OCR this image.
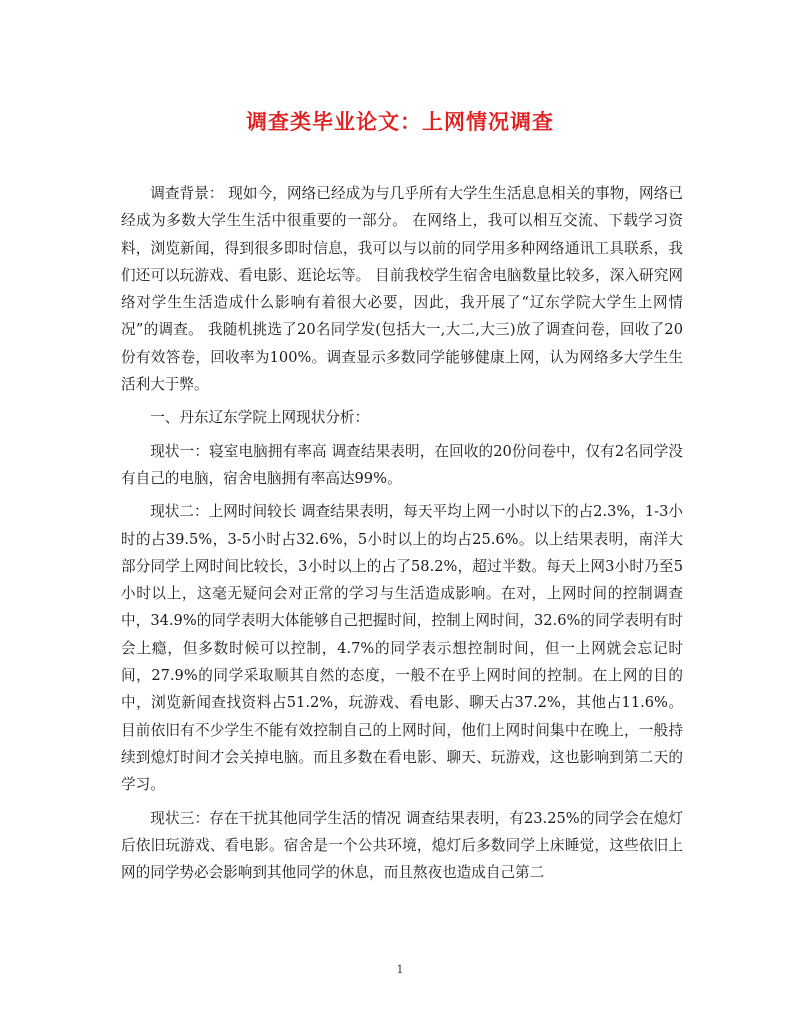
调查类毕业论文：上网情况调查

调查背景： 现如今，网络已经成为与几乎所有大学生生活息息相关的事物，网络已经成为多数大学生生活中很重要的一部分。 在网络上，我可以相互交流、下载学习资料，浏览新闻，得到很多即时信息，我可以与以前的同学用多种网络通讯工具联系，我们还可以玩游戏、看电影、逛论坛等。 目前我校学生宿舍电脑数量比较多，深入研究网络对学生生活造成什么影响有着很大必要，因此，我开展了“辽东学院大学生上网情况”的调查。 我随机挑选了20名同学发(包括大一,大二,大三)放了调查问卷，回收了20份有效答卷，回收率为100%。调查显示多数同学能够健康上网，认为网络多大学生生活利大于弊。

一、丹东辽东学院上网现状分析：

现状一：寝室电脑拥有率高 调查结果表明，在回收的20份问卷中，仅有2名同学没有自己的电脑，宿舍电脑拥有率高达99%。

现状二：上网时间较长 调查结果表明，每天平均上网一小时以下的占2.3%，1-3小时的占39.5%，3-5小时占32.6%，5小时以上的均占25.6%。以上结果表明，南洋大部分同学上网时间比较长，3小时以上的占了58.2%，超过半数。每天上网3小时乃至5小时以上，这毫无疑问会对正常的学习与生活造成影响。在对，上网时间的控制调查中，34.9%的同学表明大体能够自己把握时间，控制上网时间，32.6%的同学表明有时会上瘾，但多数时候可以控制，4.7%的同学表示想控制时间，但一上网就会忘记时间，27.9%的同学采取顺其自然的态度，一般不在乎上网时间的控制。在上网的目的中，浏览新闻查找资料占51.2%，玩游戏、看电影、聊天占37.2%，其他占11.6%。 目前依旧有不少学生不能有效控制自己的上网时间，他们上网时间集中在晚上，一般持续到熄灯时间才会关掉电脑。而且多数在看电影、聊天、玩游戏，这也影响到第二天的学习。

现状三：存在干扰其他同学生活的情况 调查结果表明，有23.25%的同学会在熄灯后依旧玩游戏、看电影。宿舍是一个公共环境，熄灯后多数同学上床睡觉，这些依旧上网的同学势必会影响到其他同学的休息，而且熬夜也造成自己第二

1
